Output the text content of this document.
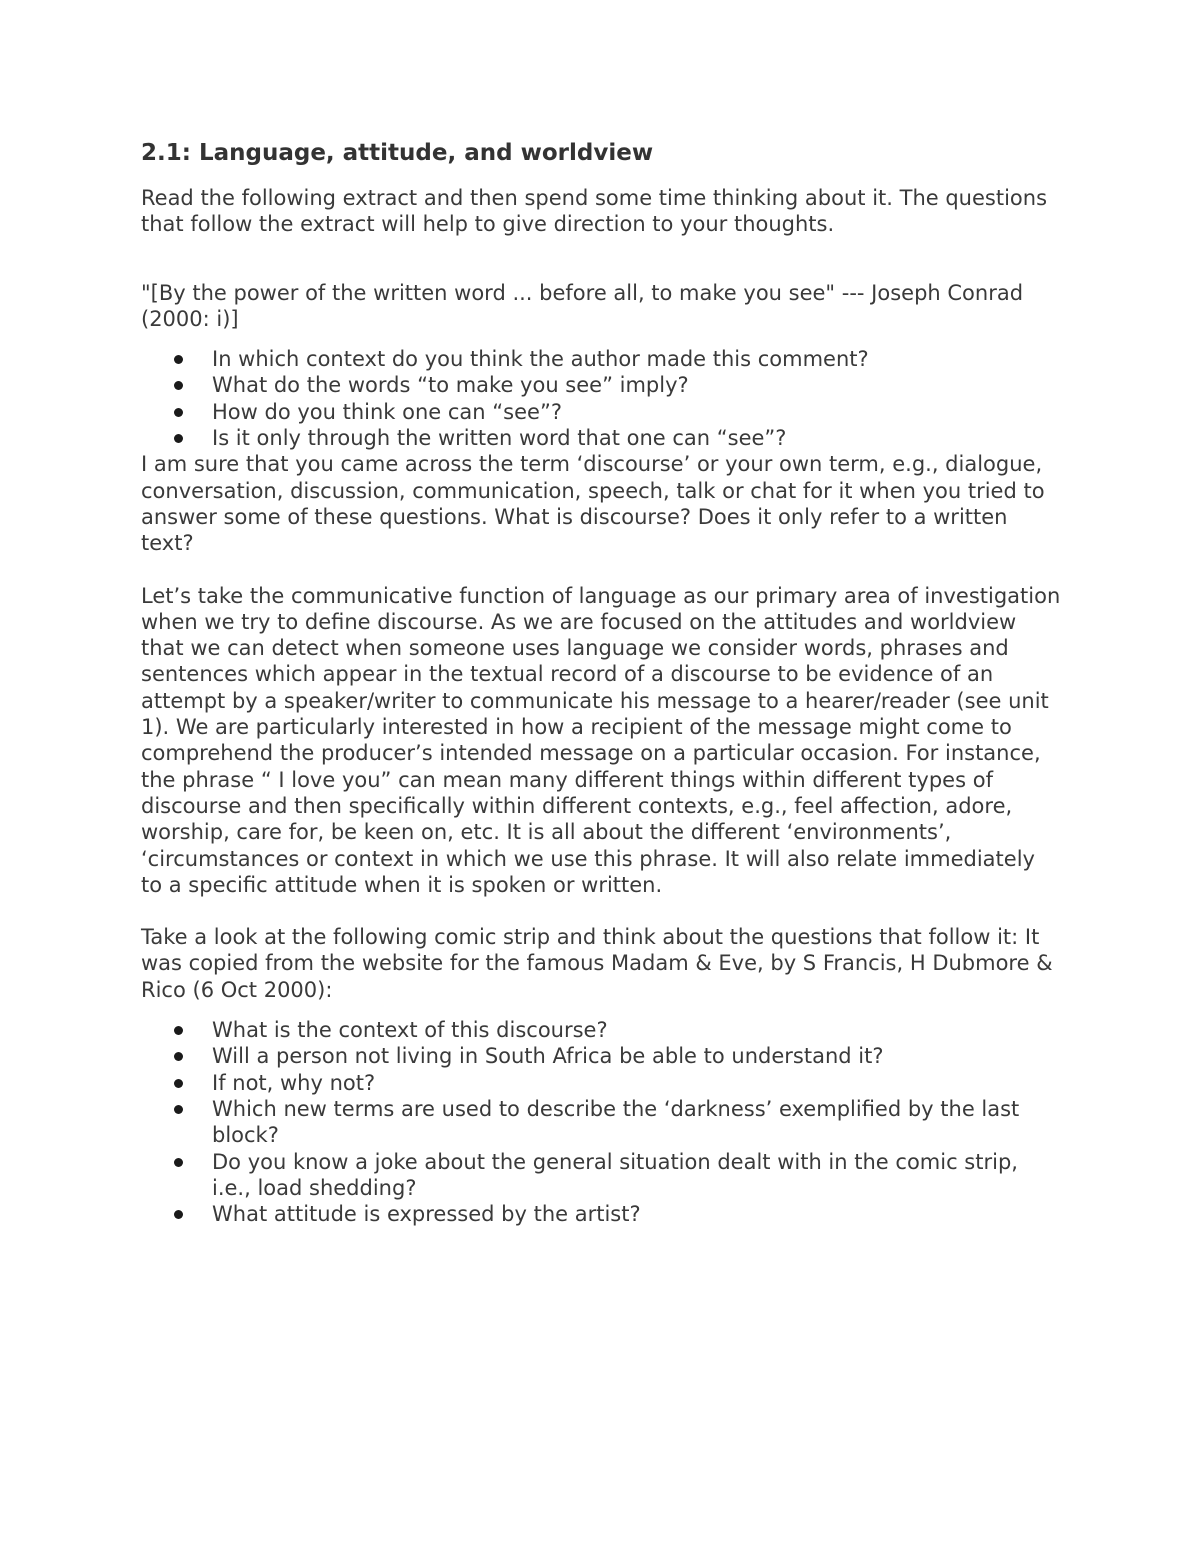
2.1: Language, attitude, and worldview

Read the following extract and then spend some time thinking about it. The questions that follow the extract will help to give direction to your thoughts.

"[By the power of the written word ... before all, to make you see" --- Joseph Conrad (2000: i)]

In which context do you think the author made this comment?
What do the words “to make you see” imply?
How do you think one can “see”?
Is it only through the written word that one can “see”?

I am sure that you came across the term ‘discourse’ or your own term, e.g., dialogue, conversation, discussion, communication, speech, talk or chat for it when you tried to answer some of these questions. What is discourse? Does it only refer to a written text?

Let’s take the communicative function of language as our primary area of investigation when we try to define discourse. As we are focused on the attitudes and worldview that we can detect when someone uses language we consider words, phrases and sentences which appear in the textual record of a discourse to be evidence of an attempt by a speaker/writer to communicate his message to a hearer/reader (see unit 1). We are particularly interested in how a recipient of the message might come to comprehend the producer’s intended message on a particular occasion. For instance, the phrase “ I love you” can mean many different things within different types of discourse and then specifically within different contexts, e.g., feel affection, adore, worship, care for, be keen on, etc. It is all about the different ‘environments’, ‘circumstances or context in which we use this phrase. It will also relate immediately to a specific attitude when it is spoken or written.

Take a look at the following comic strip and think about the questions that follow it: It was copied from the website for the famous Madam & Eve, by S Francis, H Dubmore & Rico (6 Oct 2000):

What is the context of this discourse?
Will a person not living in South Africa be able to understand it?
If not, why not?
Which new terms are used to describe the ‘darkness’ exemplified by the last block?
Do you know a joke about the general situation dealt with in the comic strip, i.e., load shedding?
What attitude is expressed by the artist?
